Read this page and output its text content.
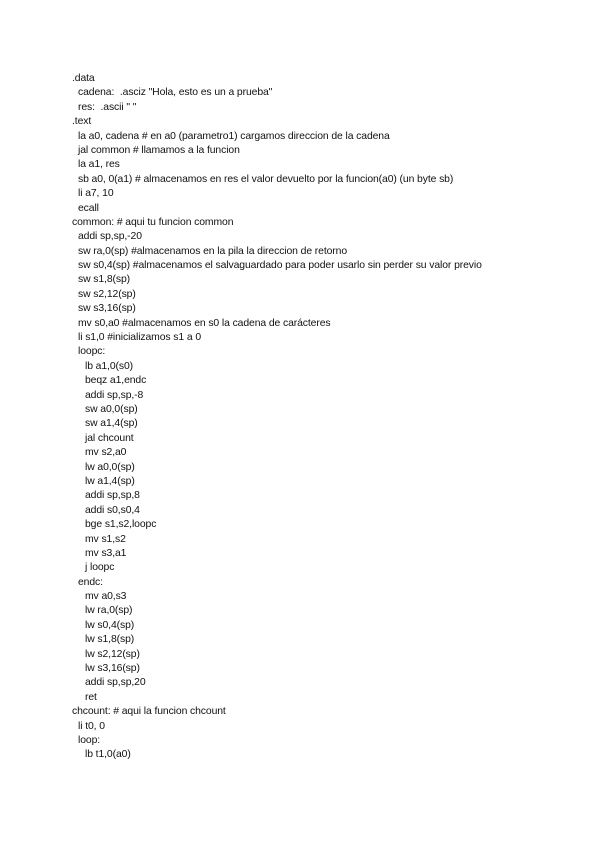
.data
cadena:  .asciz "Hola, esto es un a prueba"
res:  .ascii " "
.text
la a0, cadena # en a0 (parametro1) cargamos direccion de la cadena
jal common # llamamos a la funcion
la a1, res
sb a0, 0(a1) # almacenamos en res el valor devuelto por la funcion(a0) (un byte sb)
li a7, 10
ecall
common: # aqui tu funcion common
addi sp,sp,-20
sw ra,0(sp) #almacenamos en la pila la direccion de retorno
sw s0,4(sp) #almacenamos el salvaguardado para poder usarlo sin perder su valor previo
sw s1,8(sp)
sw s2,12(sp)
sw s3,16(sp)
mv s0,a0 #almacenamos en s0 la cadena de carácteres
li s1,0 #inicializamos s1 a 0
loopc:
lb a1,0(s0)
beqz a1,endc
addi sp,sp,-8
sw a0,0(sp)
sw a1,4(sp)
jal chcount
mv s2,a0
lw a0,0(sp)
lw a1,4(sp)
addi sp,sp,8
addi s0,s0,4
bge s1,s2,loopc
mv s1,s2
mv s3,a1
j loopc
endc:
mv a0,s3
lw ra,0(sp)
lw s0,4(sp)
lw s1,8(sp)
lw s2,12(sp)
lw s3,16(sp)
addi sp,sp,20
ret
chcount: # aqui la funcion chcount
li t0, 0
loop:
lb t1,0(a0)
